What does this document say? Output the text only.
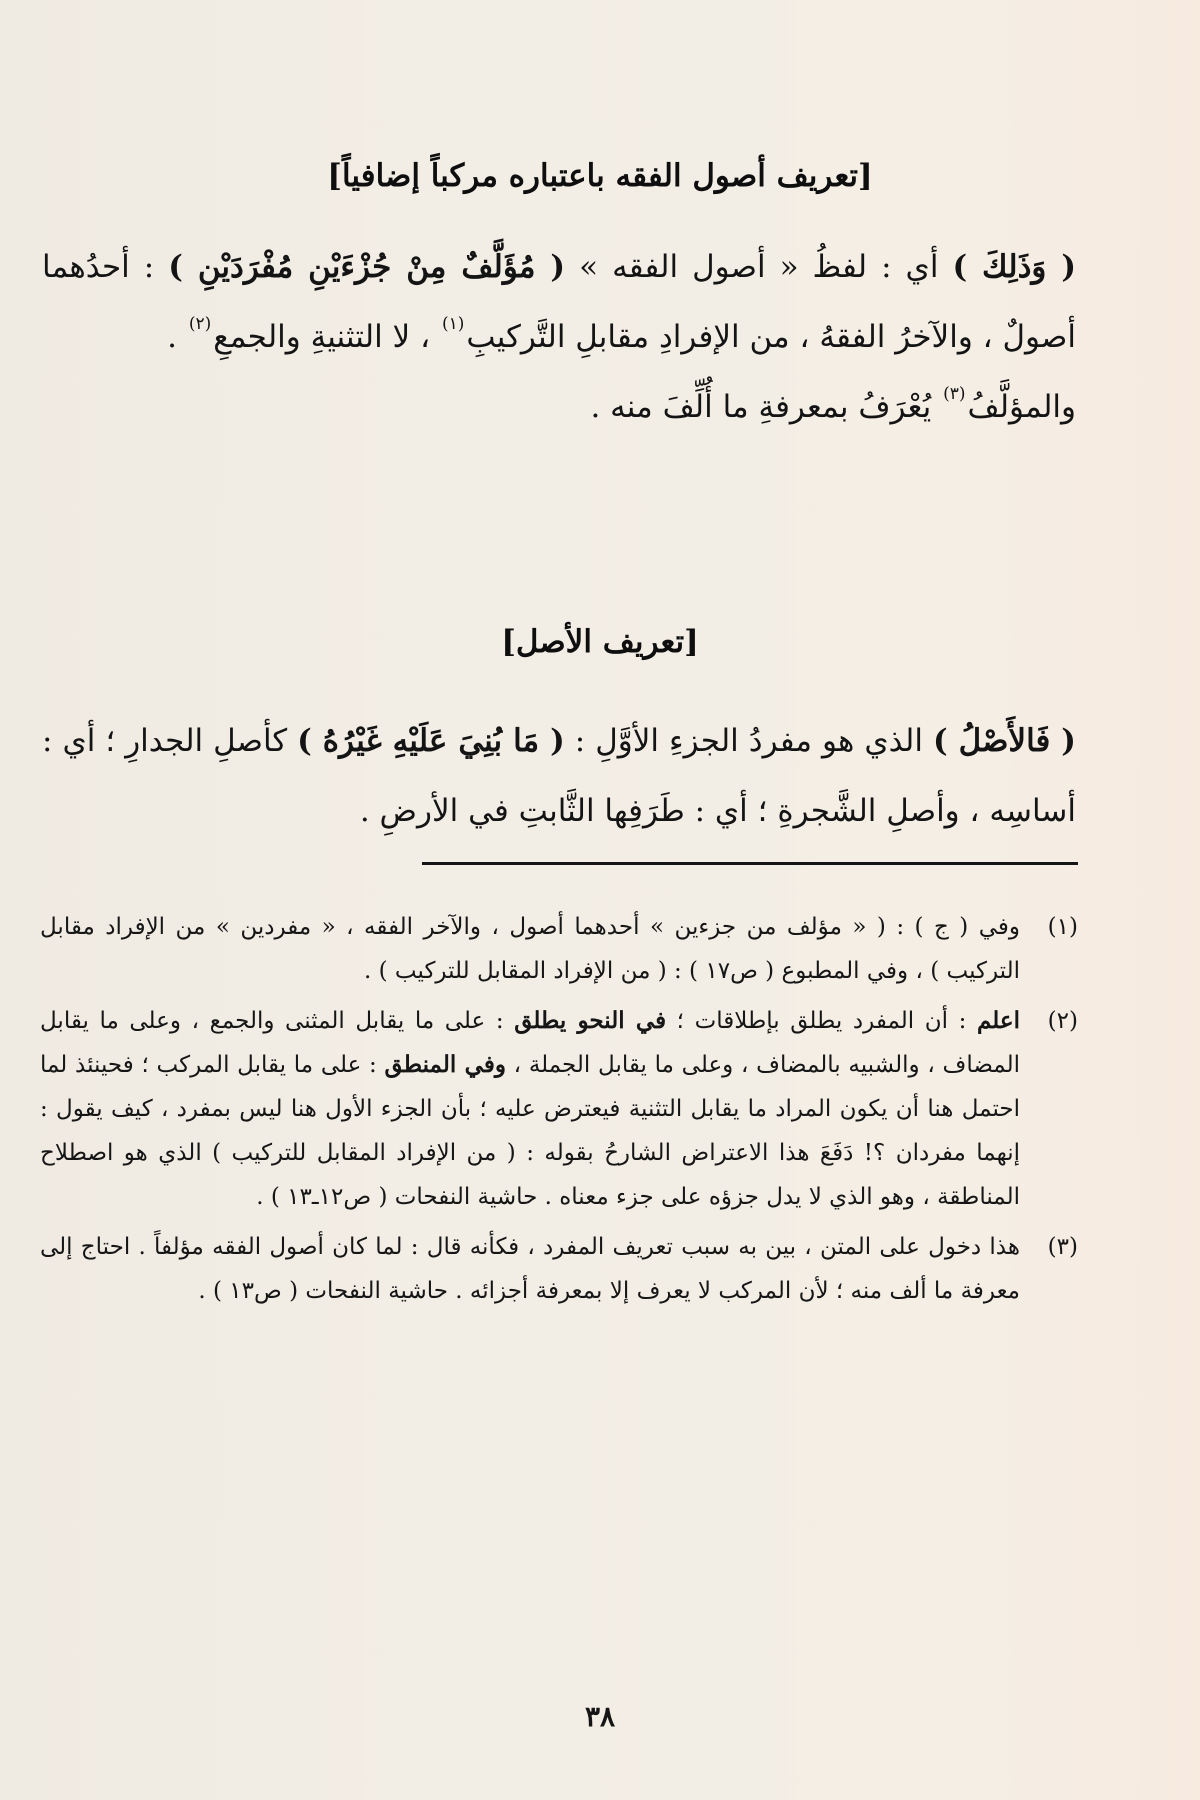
[تعريف أصول الفقه باعتباره مركباً إضافياً]

( وَذَلِكَ ) أي : لفظُ « أصول الفقه » ( مُؤَلَّفٌ مِنْ جُزْءَيْنِ مُفْرَدَيْنِ ) : أحدُهما أصولٌ ، والآخرُ الفقهُ ، من الإفرادِ مقابلِ التَّركيبِ$^{(١)}$ ، لا التثنيةِ والجمعِ$^{(٢)}$ .

والمؤلَّفُ$^{(٣)}$ يُعْرَفُ بمعرفةِ ما أُلِّفَ منه .

[تعريف الأصل]

( فَالأَصْلُ ) الذي هو مفردُ الجزءِ الأوَّلِ : ( مَا بُنِيَ عَلَيْهِ غَيْرُهُ ) كأصلِ الجدارِ ؛ أي : أساسِه ، وأصلِ الشَّجرةِ ؛ أي : طَرَفِها الثَّابتِ في الأرضِ .

(١)
وفي ( ج ) : ( « مؤلف من جزءين » أحدهما أصول ، والآخر الفقه ، « مفردين » من الإفراد مقابل التركيب ) ، وفي المطبوع ( ص١٧ ) : ( من الإفراد المقابل للتركيب ) .
(٢)
اعلم : أن المفرد يطلق بإطلاقات ؛ في النحو يطلق : على ما يقابل المثنى والجمع ، وعلى ما يقابل المضاف ، والشبيه بالمضاف ، وعلى ما يقابل الجملة ، وفي المنطق : على ما يقابل المركب ؛ فحينئذ لما احتمل هنا أن يكون المراد ما يقابل التثنية فيعترض عليه ؛ بأن الجزء الأول هنا ليس بمفرد ، كيف يقول : إنهما مفردان ؟! دَفَعَ هذا الاعتراض الشارحُ بقوله : ( من الإفراد المقابل للتركيب ) الذي هو اصطلاح المناطقة ، وهو الذي لا يدل جزؤه على جزء معناه . حاشية النفحات ( ص١٢ـ١٣ ) .
(٣)
هذا دخول على المتن ، بين به سبب تعريف المفرد ، فكأنه قال : لما كان أصول الفقه مؤلفاً . احتاج إلى معرفة ما ألف منه ؛ لأن المركب لا يعرف إلا بمعرفة أجزائه . حاشية النفحات ( ص١٣ ) .
٣٨
